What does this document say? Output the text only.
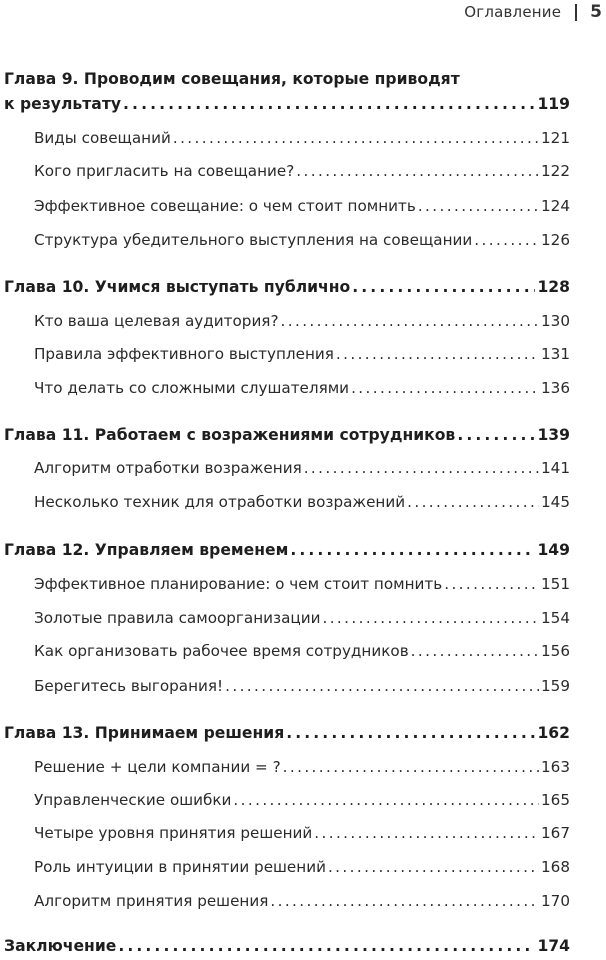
Оглавление 5
Глава 9. Проводим совещания, которые приводят
к результату .....	119
Виды совещаний .....	121
Кого пригласить на совещание? .....	122
Эффективное совещание: о чем стоит помнить .....	124
Структура убедительного выступления на совещании .....	126
Глава 10. Учимся выступать публично .....	128
Кто ваша целевая аудитория? .....	130
Правила эффективного выступления .....	131
Что делать со сложными слушателями .....	136
Глава 11. Работаем с возражениями сотрудников .....	139
Алгоритм отработки возражения .....	141
Несколько техник для отработки возражений .....	145
Глава 12. Управляем временем .....	149
Эффективное планирование: о чем стоит помнить .....	151
Золотые правила самоорганизации .....	154
Как организовать рабочее время сотрудников .....	156
Берегитесь выгорания! .....	159
Глава 13. Принимаем решения .....	162
Решение + цели компании = ? .....	163
Управленческие ошибки .....	165
Четыре уровня принятия решений .....	167
Роль интуиции в принятии решений .....	168
Алгоритм принятия решения .....	170
Заключение .....	174
